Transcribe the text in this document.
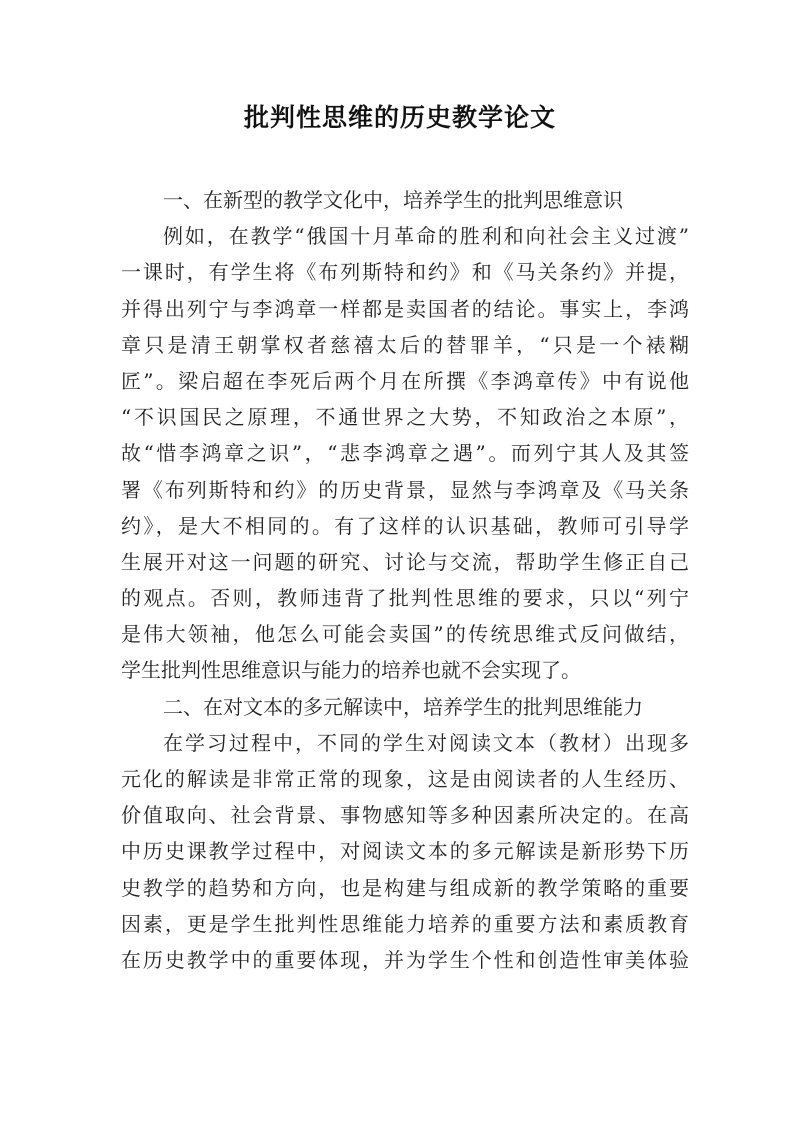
批判性思维的历史教学论文
一、在新型的教学文化中，培养学生的批判思维意识
例如，在教学“俄国十月革命的胜利和向社会主义过渡”
一课时，有学生将《布列斯特和约》和《马关条约》并提，
并得出列宁与李鸿章一样都是卖国者的结论。事实上，李鸿
章只是清王朝掌权者慈禧太后的替罪羊，“只是一个裱糊
匠”。梁启超在李死后两个月在所撰《李鸿章传》中有说他
“不识国民之原理，不通世界之大势，不知政治之本原”，
故“惜李鸿章之识”，“悲李鸿章之遇”。而列宁其人及其签
署《布列斯特和约》的历史背景，显然与李鸿章及《马关条
约》，是大不相同的。有了这样的认识基础，教师可引导学
生展开对这一问题的研究、讨论与交流，帮助学生修正自己
的观点。否则，教师违背了批判性思维的要求，只以“列宁
是伟大领袖，他怎么可能会卖国”的传统思维式反问做结，
学生批判性思维意识与能力的培养也就不会实现了。
二、在对文本的多元解读中，培养学生的批判思维能力
在学习过程中，不同的学生对阅读文本（教材）出现多
元化的解读是非常正常的现象，这是由阅读者的人生经历、
价值取向、社会背景、事物感知等多种因素所决定的。在高
中历史课教学过程中，对阅读文本的多元解读是新形势下历
史教学的趋势和方向，也是构建与组成新的教学策略的重要
因素，更是学生批判性思维能力培养的重要方法和素质教育
在历史教学中的重要体现，并为学生个性和创造性审美体验
